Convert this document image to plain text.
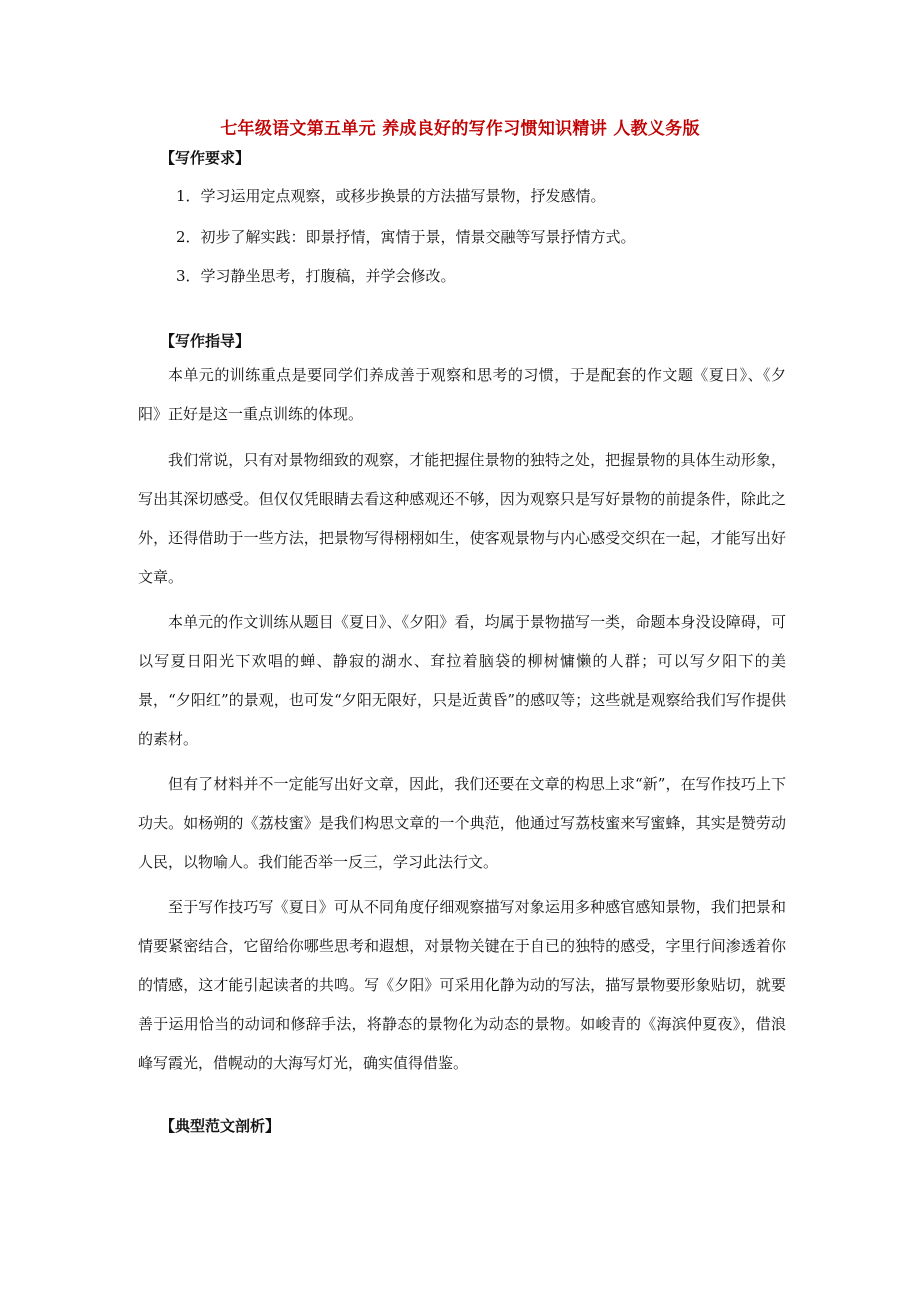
七年级语文第五单元 养成良好的写作习惯知识精讲 人教义务版
【写作要求】
1．学习运用定点观察，或移步换景的方法描写景物，抒发感情。
2．初步了解实践：即景抒情，寓情于景，情景交融等写景抒情方式。
3．学习静坐思考，打腹稿，并学会修改。
【写作指导】
本单元的训练重点是要同学们养成善于观察和思考的习惯，于是配套的作文题《夏日》、《夕阳》正好是这一重点训练的体现。
我们常说，只有对景物细致的观察，才能把握住景物的独特之处，把握景物的具体生动形象，写出其深切感受。但仅仅凭眼睛去看这种感观还不够，因为观察只是写好景物的前提条件，除此之外，还得借助于一些方法，把景物写得栩栩如生，使客观景物与内心感受交织在一起，才能写出好文章。
本单元的作文训练从题目《夏日》、《夕阳》看，均属于景物描写一类，命题本身没设障碍，可以写夏日阳光下欢唱的蝉、静寂的湖水、耷拉着脑袋的柳树慵懒的人群；可以写夕阳下的美景，“夕阳红”的景观，也可发“夕阳无限好，只是近黄昏”的感叹等；这些就是观察给我们写作提供的素材。
但有了材料并不一定能写出好文章，因此，我们还要在文章的构思上求“新”，在写作技巧上下功夫。如杨朔的《荔枝蜜》是我们构思文章的一个典范，他通过写荔枝蜜来写蜜蜂，其实是赞劳动人民，以物喻人。我们能否举一反三，学习此法行文。
至于写作技巧写《夏日》可从不同角度仔细观察描写对象运用多种感官感知景物，我们把景和情要紧密结合，它留给你哪些思考和遐想，对景物关键在于自已的独特的感受，字里行间渗透着你的情感，这才能引起读者的共鸣。写《夕阳》可采用化静为动的写法，描写景物要形象贴切，就要善于运用恰当的动词和修辞手法，将静态的景物化为动态的景物。如峻青的《海滨仲夏夜》，借浪峰写霞光，借幌动的大海写灯光，确实值得借鉴。
【典型范文剖析】
